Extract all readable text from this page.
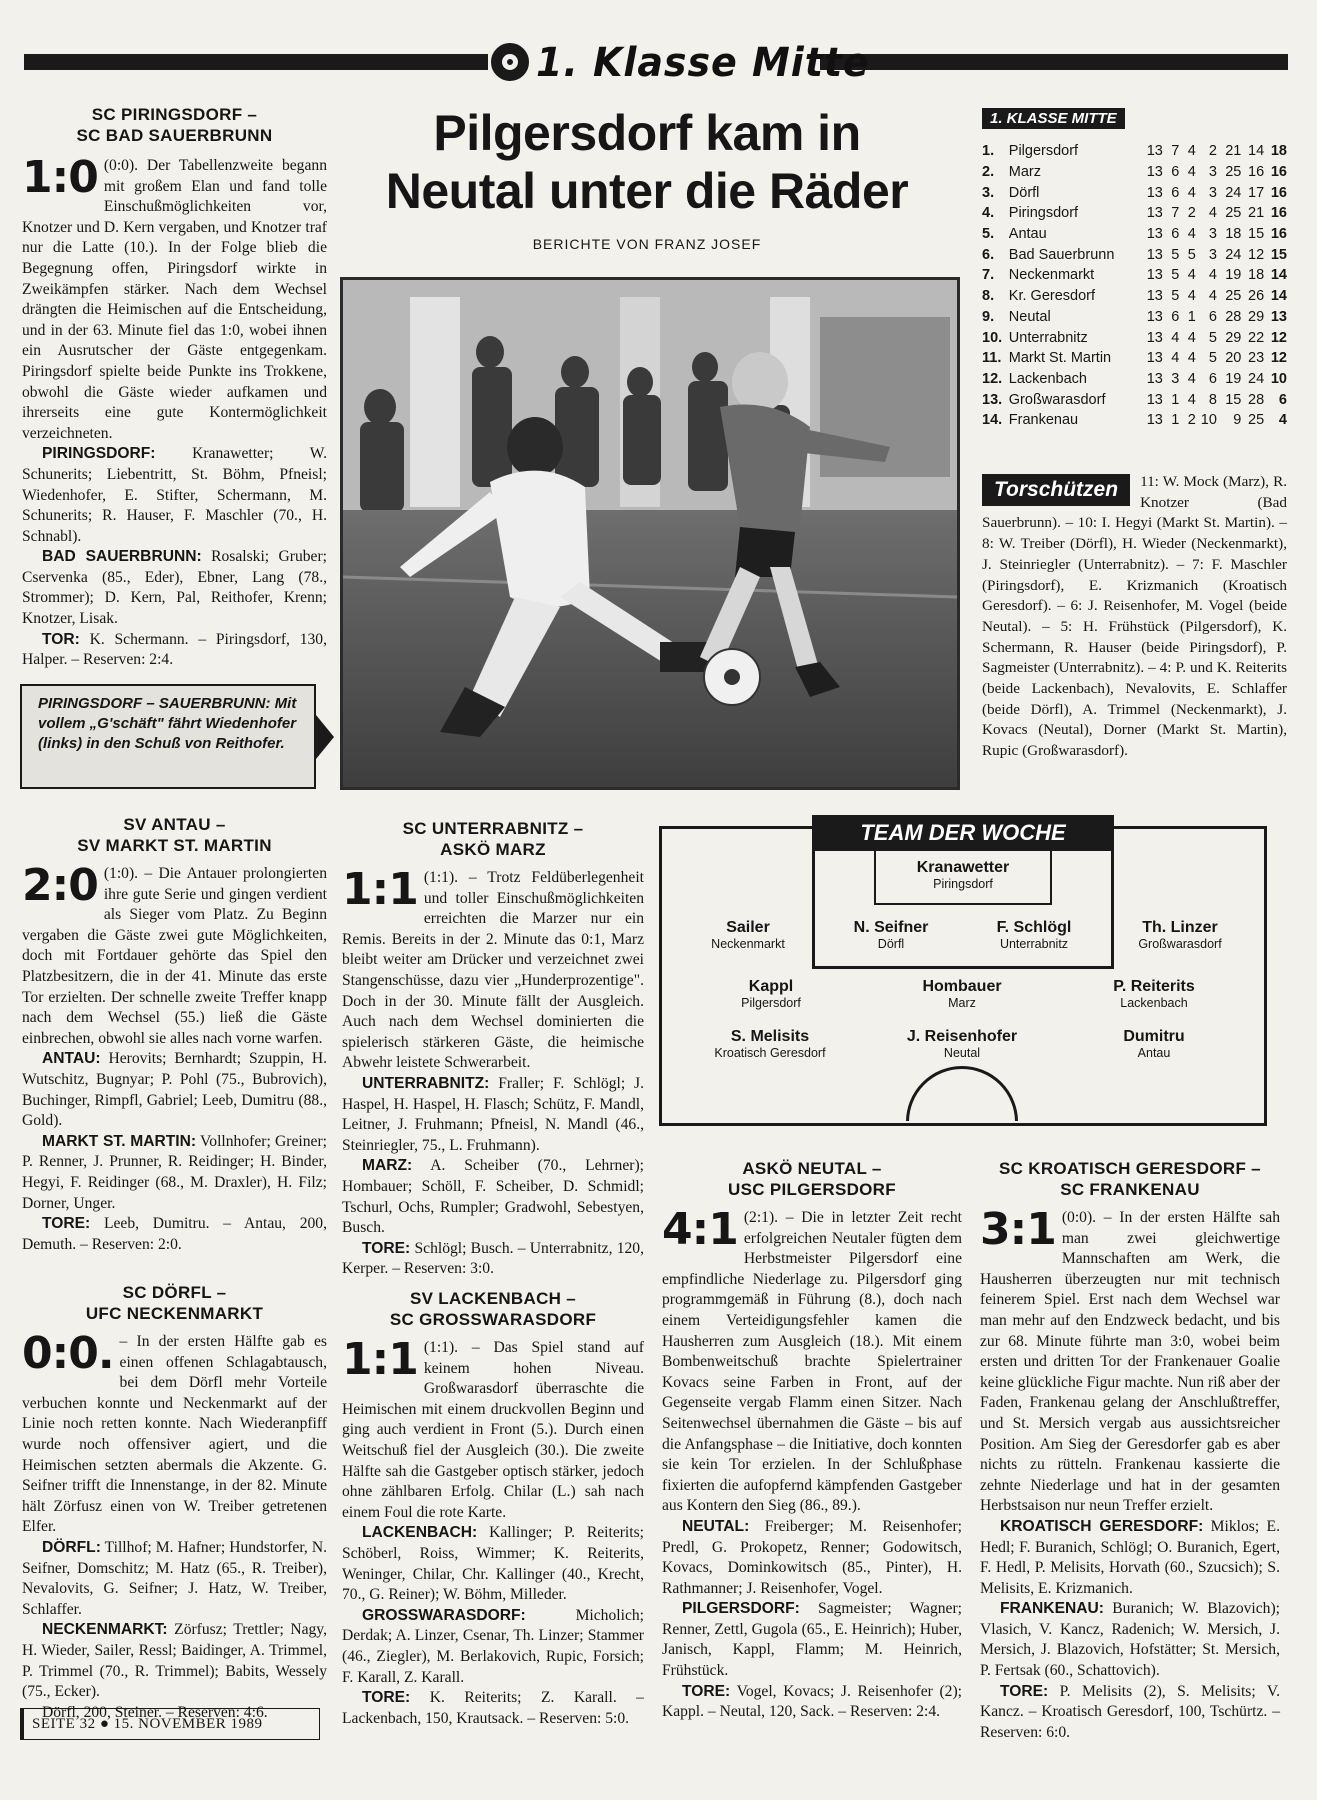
1. Klasse Mitte
SC PIRINGSDORF –
SC BAD SAUERBRUNN
1:0 (0:0). Der Tabellenzweite begann mit großem Elan und fand tolle Einschußmöglichkeiten vor, Knotzer und D. Kern vergaben, und Knotzer traf nur die Latte (10.). In der Folge blieb die Begegnung offen, Piringsdorf wirkte in Zweikämpfen stärker. Nach dem Wechsel drängten die Heimischen auf die Entscheidung, und in der 63. Minute fiel das 1:0, wobei ihnen ein Ausrutscher der Gäste entgegenkam. Piringsdorf spielte beide Punkte ins Trokkene, obwohl die Gäste wieder aufkamen und ihrerseits eine gute Kontermöglichkeit verzeichneten.
PIRINGSDORF: Kranawetter; W. Schunerits; Liebentritt, St. Böhm, Pfneisl; Wiedenhofer, E. Stifter, Schermann, M. Schunerits; R. Hauser, F. Maschler (70., H. Schnabl).
BAD SAUERBRUNN: Rosalski; Gruber; Cservenka (85., Eder), Ebner, Lang (78., Strommer); D. Kern, Pal, Reithofer, Krenn; Knotzer, Lisak.
TOR: K. Schermann. – Piringsdorf, 130, Halper. – Reserven: 2:4.
Pilgersdorf kam in Neutal unter die Räder
BERICHTE VON FRANZ JOSEF
PIRINGSDORF – SAUERBRUNN: Mit vollem „G'schäft" fährt Wiedenhofer (links) in den Schuß von Reithofer.
1. KLASSE MITTE
1.	Pilgersdorf	13	7	4	2	21	14	18
2.	Marz	13	6	4	3	25	16	16
3.	Dörfl	13	6	4	3	24	17	16
4.	Piringsdorf	13	7	2	4	25	21	16
5.	Antau	13	6	4	3	18	15	16
6.	Bad Sauerbrunn	13	5	5	3	24	12	15
7.	Neckenmarkt	13	5	4	4	19	18	14
8.	Kr. Geresdorf	13	5	4	4	25	26	14
9.	Neutal	13	6	1	6	28	29	13
10.	Unterrabnitz	13	4	4	5	29	22	12
11.	Markt St. Martin	13	4	4	5	20	23	12
12.	Lackenbach	13	3	4	6	19	24	10
13.	Großwarasdorf	13	1	4	8	15	28	6
14.	Frankenau	13	1	2	10	9	25	4
Torschützen	11: W. Mock (Marz), R. Knotzer (Bad Sauerbrunn). – 10: I. Hegyi (Markt St. Martin). – 8: W. Treiber (Dörfl), H. Wieder (Neckenmarkt), J. Steinriegler (Unterrabnitz). – 7: F. Maschler (Piringsdorf), E. Krizmanich (Kroatisch Geresdorf). – 6: J. Reisenhofer, M. Vogel (beide Neutal). – 5: H. Frühstück (Pilgersdorf), K. Schermann, R. Hauser (beide Piringsdorf), P. Sagmeister (Unterrabnitz). – 4: P. und K. Reiterits (beide Lackenbach), Nevalovits, E. Schlaffer (beide Dörfl), A. Trimmel (Neckenmarkt), J. Kovacs (Neutal), Dorner (Markt St. Martin), Rupic (Großwarasdorf).
SV ANTAU –
SV MARKT ST. MARTIN
2:0 (1:0). – Die Antauer prolongierten ihre gute Serie und gingen verdient als Sieger vom Platz. Zu Beginn vergaben die Gäste zwei gute Möglichkeiten, doch mit Fortdauer gehörte das Spiel den Platzbesitzern, die in der 41. Minute das erste Tor erzielten. Der schnelle zweite Treffer knapp nach dem Wechsel (55.) ließ die Gäste einbrechen, obwohl sie alles nach vorne warfen.
ANTAU: Herovits; Bernhardt; Szuppin, H. Wutschitz, Bugnyar; P. Pohl (75., Bubrovich), Buchinger, Rimpfl, Gabriel; Leeb, Dumitru (88., Gold).
MARKT ST. MARTIN: Vollnhofer; Greiner; P. Renner, J. Prunner, R. Reidinger; H. Binder, Hegyi, F. Reidinger (68., M. Draxler), H. Filz; Dorner, Unger.
TORE: Leeb, Dumitru. – Antau, 200, Demuth. – Reserven: 2:0.
SC DÖRFL –
UFC NECKENMARKT
0:0. – In der ersten Hälfte gab es einen offenen Schlagabtausch, bei dem Dörfl mehr Vorteile verbuchen konnte und Neckenmarkt auf der Linie noch retten konnte. Nach Wiederanpfiff wurde noch offensiver agiert, und die Heimischen setzten abermals die Akzente. G. Seifner trifft die Innenstange, in der 82. Minute hält Zörfusz einen von W. Treiber getretenen Elfer.
DÖRFL: Tillhof; M. Hafner; Hundstorfer, N. Seifner, Domschitz; M. Hatz (65., R. Treiber), Nevalovits, G. Seifner; J. Hatz, W. Treiber, Schlaffer.
NECKENMARKT: Zörfusz; Trettler; Nagy, H. Wieder, Sailer, Ressl; Baidinger, A. Trimmel, P. Trimmel (70., R. Trimmel); Babits, Wessely (75., Ecker).
Dörfl, 200, Steiner. – Reserven: 4:6.
SC UNTERRABNITZ –
ASKÖ MARZ
1:1 (1:1). – Trotz Feldüberlegenheit und toller Einschußmöglichkeiten erreichten die Marzer nur ein Remis. Bereits in der 2. Minute das 0:1, Marz bleibt weiter am Drücker und verzeichnet zwei Stangenschüsse, dazu vier „Hunderprozentige". Doch in der 30. Minute fällt der Ausgleich. Auch nach dem Wechsel dominierten die spielerisch stärkeren Gäste, die heimische Abwehr leistete Schwerarbeit.
UNTERRABNITZ: Fraller; F. Schlögl; J. Haspel, H. Haspel, H. Flasch; Schütz, F. Mandl, Leitner, J. Fruhmann; Pfneisl, N. Mandl (46., Steinriegler, 75., L. Fruhmann).
MARZ: A. Scheiber (70., Lehrner); Hombauer; Schöll, F. Scheiber, D. Schmidl; Tschurl, Ochs, Rumpler; Gradwohl, Sebestyen, Busch.
TORE: Schlögl; Busch. – Unterrabnitz, 120, Kerper. – Reserven: 3:0.
SV LACKENBACH –
SC GROSSWARASDORF
1:1 (1:1). – Das Spiel stand auf keinem hohen Niveau. Großwarasdorf überraschte die Heimischen mit einem druckvollen Beginn und ging auch verdient in Front (5.). Durch einen Weitschuß fiel der Ausgleich (30.). Die zweite Hälfte sah die Gastgeber optisch stärker, jedoch ohne zählbaren Erfolg. Chilar (L.) sah nach einem Foul die rote Karte.
LACKENBACH: Kallinger; P. Reiterits; Schöberl, Roiss, Wimmer; K. Reiterits, Weninger, Chilar, Chr. Kallinger (40., Krecht, 70., G. Reiner); W. Böhm, Milleder.
GROSSWARASDORF:	Micholich; Derdak; A. Linzer, Csenar, Th. Linzer; Stammer (46., Ziegler), M. Berlakovich, Rupic, Forsich; F. Karall, Z. Karall.
TORE: K. Reiterits; Z. Karall. – Lackenbach, 150, Krautsack. – Reserven: 5:0.
TEAM DER WOCHE
Kranawetter
Piringsdorf
Sailer
Neckenmarkt
N. Seifner
Dörfl
F. Schlögl
Unterrabnitz
Th. Linzer
Großwarasdorf
Kappl
Pilgersdorf
Hombauer
Marz
P. Reiterits
Lackenbach
S. Melisits
Kroatisch Geresdorf
J. Reisenhofer
Neutal
Dumitru
Antau
ASKÖ NEUTAL –
USC PILGERSDORF
4:1 (2:1). – Die in letzter Zeit recht erfolgreichen Neutaler fügten dem Herbstmeister Pilgersdorf eine empfindliche Niederlage zu. Pilgersdorf ging programmgemäß in Führung (8.), doch nach einem Verteidigungsfehler kamen die Hausherren zum Ausgleich (18.). Mit einem Bombenweitschuß brachte Spielertrainer Kovacs seine Farben in Front, auf der Gegenseite vergab Flamm einen Sitzer. Nach Seitenwechsel übernahmen die Gäste – bis auf die Anfangsphase – die Initiative, doch konnten sie kein Tor erzielen. In der Schlußphase fixierten die aufopfernd kämpfenden Gastgeber aus Kontern den Sieg (86., 89.).
NEUTAL: Freiberger; M. Reisenhofer; Predl, G. Prokopetz, Renner; Godowitsch, Kovacs, Dominkowitsch (85., Pinter), H. Rathmanner; J. Reisenhofer, Vogel.
PILGERSDORF: Sagmeister; Wagner; Renner, Zettl, Gugola (65., E. Heinrich); Huber, Janisch, Kappl, Flamm; M. Heinrich, Frühstück.
TORE: Vogel, Kovacs; J. Reisenhofer (2); Kappl. – Neutal, 120, Sack. – Reserven: 2:4.
SC KROATISCH GERESDORF –
SC FRANKENAU
3:1 (0:0). – In der ersten Hälfte sah man zwei gleichwertige Mannschaften am Werk, die Hausherren überzeugten nur mit technisch feinerem Spiel. Erst nach dem Wechsel war man mehr auf den Endzweck bedacht, und bis zur 68. Minute führte man 3:0, wobei beim ersten und dritten Tor der Frankenauer Goalie keine glückliche Figur machte. Nun riß aber der Faden, Frankenau gelang der Anschlußtreffer, und St. Mersich vergab aus aussichtsreicher Position. Am Sieg der Geresdorfer gab es aber nichts zu rütteln. Frankenau kassierte die zehnte Niederlage und hat in der gesamten Herbstsaison nur neun Treffer erzielt.
KROATISCH GERESDORF: Miklos; E. Hedl; F. Buranich, Schlögl; O. Buranich, Egert, F. Hedl, P. Melisits, Horvath (60., Szucsich); S. Melisits, E. Krizmanich.
FRANKENAU: Buranich; W. Blazovich); Vlasich, V. Kancz, Radenich; W. Mersich, J. Mersich, J. Blazovich, Hofstätter; St. Mersich, P. Fertsak (60., Schattovich).
TORE: P. Melisits (2), S. Melisits; V. Kancz. – Kroatisch Geresdorf, 100, Tschürtz. – Reserven: 6:0.
SEITE 32 ● 15. NOVEMBER 1989
